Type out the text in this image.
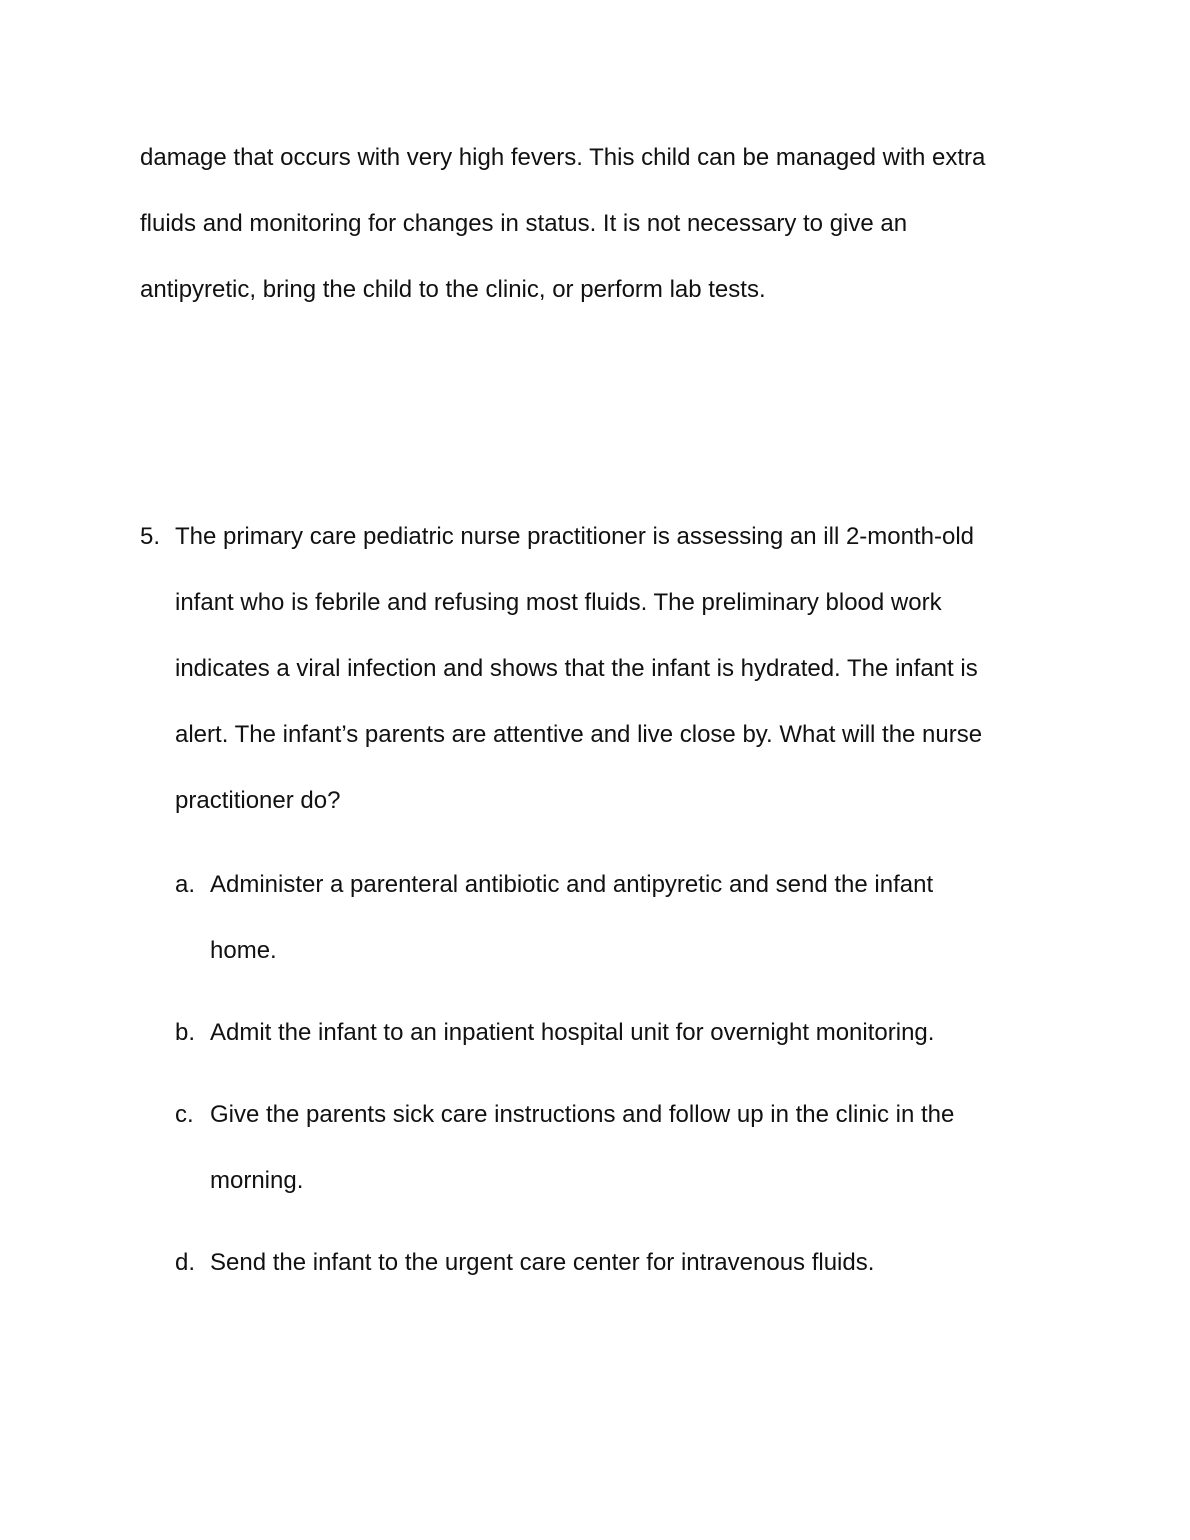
damage that occurs with very high fevers. This child can be managed with extra
fluids and monitoring for changes in status. It is not necessary to give an
antipyretic, bring the child to the clinic, or perform lab tests.
5. The primary care pediatric nurse practitioner is assessing an ill 2-month-old
infant who is febrile and refusing most fluids. The preliminary blood work
indicates a viral infection and shows that the infant is hydrated. The infant is
alert. The infant’s parents are attentive and live close by. What will the nurse
practitioner do?
a. Administer a parenteral antibiotic and antipyretic and send the infant
home.
b. Admit the infant to an inpatient hospital unit for overnight monitoring.
c. Give the parents sick care instructions and follow up in the clinic in the
morning.
d. Send the infant to the urgent care center for intravenous fluids.
